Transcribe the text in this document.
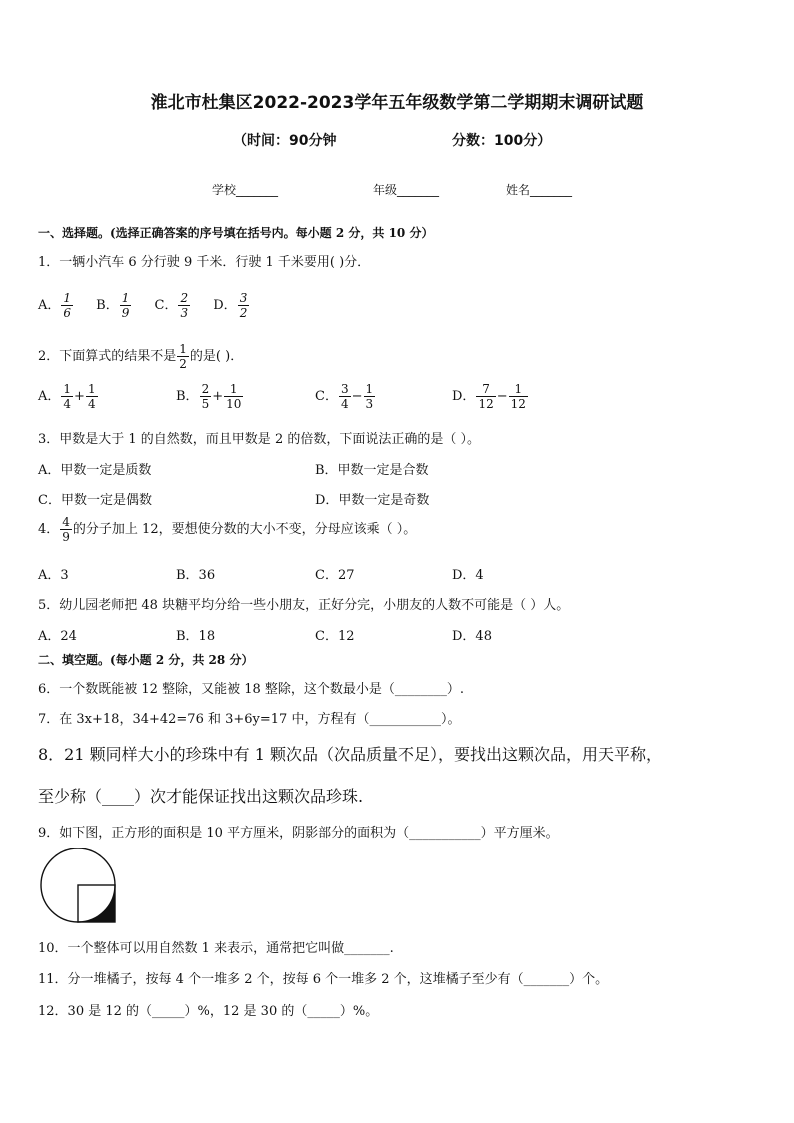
淮北市杜集区2022-2023学年五年级数学第二学期期末调研试题
（时间：90分钟	分数：100分）
学校_______	年级_______	姓名_______
一、选择题。(选择正确答案的序号填在括号内。每小题 2 分，共 10 分）
1．一辆小汽车 6 分行驶 9 千米．行驶 1 千米要用( )分．
A． $\frac{1}{6}$ B． $\frac{1}{9}$ C． $\frac{2}{3}$ D． $\frac{3}{2}$
2．下面算式的结果不是 $\frac{1}{2}$ 的是( )．
A． $\frac{1}{4} + \frac{1}{4}$	B． $\frac{2}{5} + \frac{1}{10}$	C． $\frac{3}{4} - \frac{1}{3}$	D． $\frac{7}{12} - \frac{1}{12}$
3．甲数是大于 1 的自然数，而且甲数是 2 的倍数，下面说法正确的是（ ）。
A．甲数一定是质数	B．甲数一定是合数
C．甲数一定是偶数	D．甲数一定是奇数
4． $\frac{4}{9}$ 的分子加上 12，要想使分数的大小不变，分母应该乘（ ）。
A．3	B．36	C．27	D．4
5．幼儿园老师把 48 块糖平均分给一些小朋友，正好分完，小朋友的人数不可能是（ ）人。
A．24	B．18	C．12	D．48
二、填空题。(每小题 2 分，共 28 分）
6．一个数既能被 12 整除，又能被 18 整除，这个数最小是（________）.
7．在 3x+18，34+42=76 和 3+6y=17 中，方程有（___________）。
8．21 颗同样大小的珍珠中有 1 颗次品（次品质量不足），要找出这颗次品，用天平称，
至少称（____）次才能保证找出这颗次品珍珠.
9．如下图，正方形的面积是 10 平方厘米，阴影部分的面积为（___________）平方厘米。
10．一个整体可以用自然数 1 来表示，通常把它叫做_______.
11．分一堆橘子，按每 4 个一堆多 2 个，按每 6 个一堆多 2 个，这堆橘子至少有（_______）个。
12．30 是 12 的（_____）%，12 是 30 的（_____）%。
